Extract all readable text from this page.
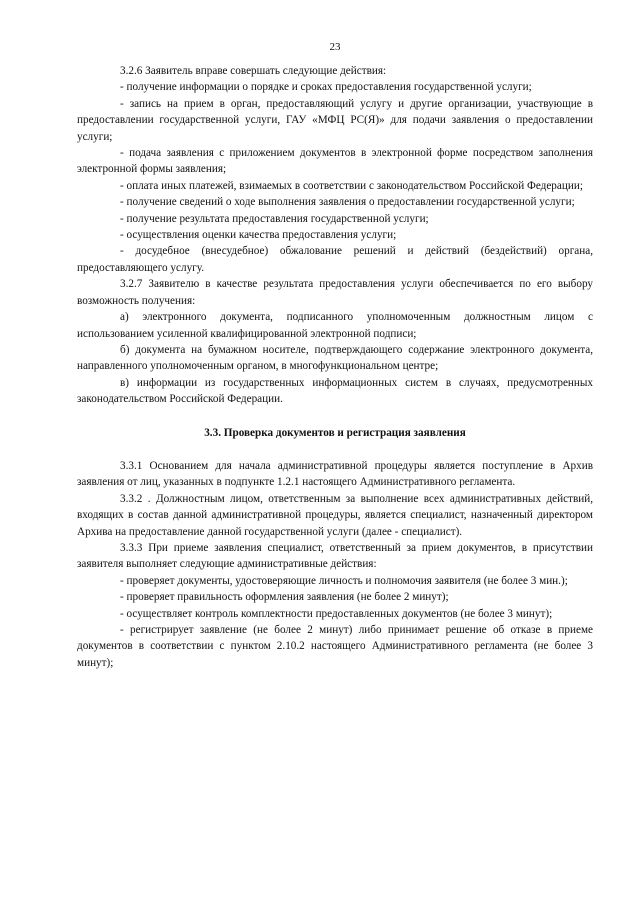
23

3.2.6 Заявитель вправе совершать следующие действия:

- получение информации о порядке и сроках предоставления государственной услуги;

- запись на прием в орган, предоставляющий услугу и другие организации, участвующие в предоставлении государственной услуги, ГАУ «МФЦ РС(Я)» для подачи заявления о предоставлении услуги;

- подача заявления с приложением документов в электронной форме посредством заполнения электронной формы заявления;

- оплата иных платежей, взимаемых в соответствии с законодательством Российской Федерации;

- получение сведений о ходе выполнения заявления о предоставлении государственной услуги;

- получение результата предоставления государственной услуги;

- осуществления оценки качества предоставления услуги;

- досудебное (внесудебное) обжалование решений и действий (бездействий) органа, предоставляющего услугу.

3.2.7 Заявителю в качестве результата предоставления услуги обеспечивается по его выбору возможность получения:

а) электронного документа, подписанного уполномоченным должностным лицом с использованием усиленной квалифицированной электронной подписи;

б) документа на бумажном носителе, подтверждающего содержание электронного документа, направленного уполномоченным органом, в многофункциональном центре;

в) информации из государственных информационных систем в случаях, предусмотренных законодательством Российской Федерации.

3.3. Проверка документов и регистрация заявления

3.3.1 Основанием для начала административной процедуры является поступление в Архив заявления от лиц, указанных в подпункте 1.2.1 настоящего Административного регламента.

3.3.2 . Должностным лицом, ответственным за выполнение всех административных действий, входящих в состав данной административной процедуры, является специалист, назначенный директором Архива на предоставление данной государственной услуги (далее - специалист).

3.3.3 При приеме заявления специалист, ответственный за прием документов, в присутствии заявителя выполняет следующие административные действия:

- проверяет документы, удостоверяющие личность и полномочия заявителя (не более 3 мин.);

- проверяет правильность оформления заявления (не более 2 минут);

- осуществляет контроль комплектности предоставленных документов (не более 3 минут);

- регистрирует заявление (не более 2 минут) либо принимает решение об отказе в приеме документов в соответствии с пунктом 2.10.2 настоящего Административного регламента (не более 3 минут);
